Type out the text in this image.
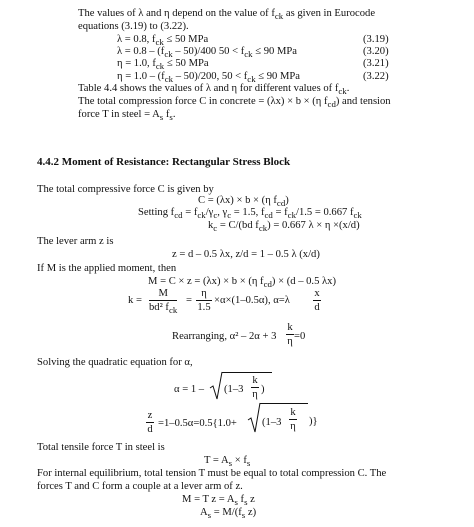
The values of λ and η depend on the value of $f_{ck}$ as given in Eurocode
equations (3.19) to (3.22).
λ = 0.8, $f_{ck} \le 50$ MPa	(3.19)
$\lambda = 0.8 - (f_{ck} - 50)/400$ $50 < f_{ck} \le 90$ MPa	(3.20)
η = 1.0, $f_{ck} \le 50$ MPa	(3.21)
$\eta = 1.0 - (f_{ck} - 50)/200$, $50 < f_{ck} \le 90$ MPa	(3.22)
Table 4.4 shows the values of λ and η for different values of $f_{ck}$.
The total compression force C in concrete = (λx) × b × (η $f_{cd}$) and tension
force T in steel = $A_s$ $f_s$.
4.4.2 Moment of Resistance: Rectangular Stress Block
The total compressive force C is given by
C = (λx) × b × (η $f_{cd}$)
Setting $f_{cd} = f_{ck}/\gamma_c$, $\gamma_c = 1.5$, $f_{cd} = f_{ck}/1.5 = 0.667$ $f_{ck}$
$k_c = C/(bd$ $f_{ck}) = 0.667$ λ × η ×(x/d)
The lever arm z is
z = d – 0.5 λx, z/d = 1 – 0.5 λ (x/d)
If M is the applied moment, then
M = C × z = (λx) × b × (η $f_{cd}) \times (d - 0.5$ λx)
k =
M
bd² $f_{ck}$
=
η
1.5
×α×(1–0.5α), α=λ
x
d
Rearranging, α² – 2α + 3
k
η =0
Solving the quadratic equation for α,
α = 1 – (1–3
k
η )
z
d
=1–0.5α=0.5{1.0+ (1–3
k
η )}
Total tensile force T in steel is
$T = A_s \times f_s$
For internal equilibrium, total tension T must be equal to total compression C. The
forces T and C form a couple at a lever arm of z.
M = T $z = A_s$ $f_s$ z
$A_s = M/(f_s$ z)
